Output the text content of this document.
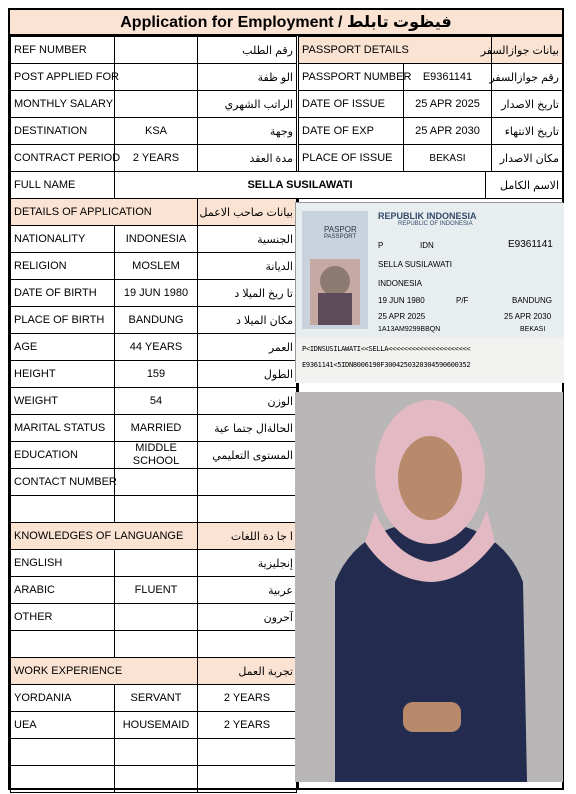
Application for Employment / فيظوت تابلط
REF NUMBER		رقم الطلب
POST APPLIED FOR		الو ظفة
MONTHLY SALARY		الراتب الشهري
DESTINATION	KSA	وجهة
CONTRACT PERIOD	2 YEARS	مدة العقد
PASSPORT DETAILS		بيانات جوازالسفر
PASSPORT NUMBER	E9361141	رقم جوازالسفر
DATE OF ISSUE	25 APR 2025	تاريخ الاصدار
DATE OF EXP	25 APR 2030	تاريخ الانتهاء
PLACE OF ISSUE	BEKASI	مكان الاصدار
FULL NAME	SELLA SUSILAWATI	الاسم الكامل
DETAILS OF APPLICATION		بيانات صاحب الاعمل
NATIONALITY	INDONESIA	الجنسية
RELIGION	MOSLEM	الديانة
DATE OF BIRTH	19 JUN 1980	تا ريخ الميلا د
PLACE OF BIRTH	BANDUNG	مكان الميلا د
AGE	44 YEARS	العمر
HEIGHT	159	الطول
WEIGHT	54	الوزن
MARITAL STATUS	MARRIED	الحالةال جتما عية
EDUCATION	MIDDLE SCHOOL	المستوى التعليمي
CONTACT NUMBER		

KNOWLEDGES OF LANGUANGE		ا جا دة اللغات
ENGLISH		إنجليزية
ARABIC	FLUENT	عربية
OTHER		آحرون

WORK EXPERIENCE		تجربة العمل
YORDANIA	SERVANT	2 YEARS
UEA	HOUSEMAID	2 YEARS

PASPOR
PASSPORT
REPUBLIK INDONESIA
REPUBLIC OF INDONESIA
P	IDN	E9361141
SELLA SUSILAWATI
INDONESIA
19 JUN 1980	P/F	BANDUNG
25 APR 2025	25 APR 2030
1A13AM9299BBQN	BEKASI
P<IDNSUSILAWATI<<SELLA<<<<<<<<<<<<<<<<<<<<<
E9361141<5IDN8006190F3004250320304590600352
